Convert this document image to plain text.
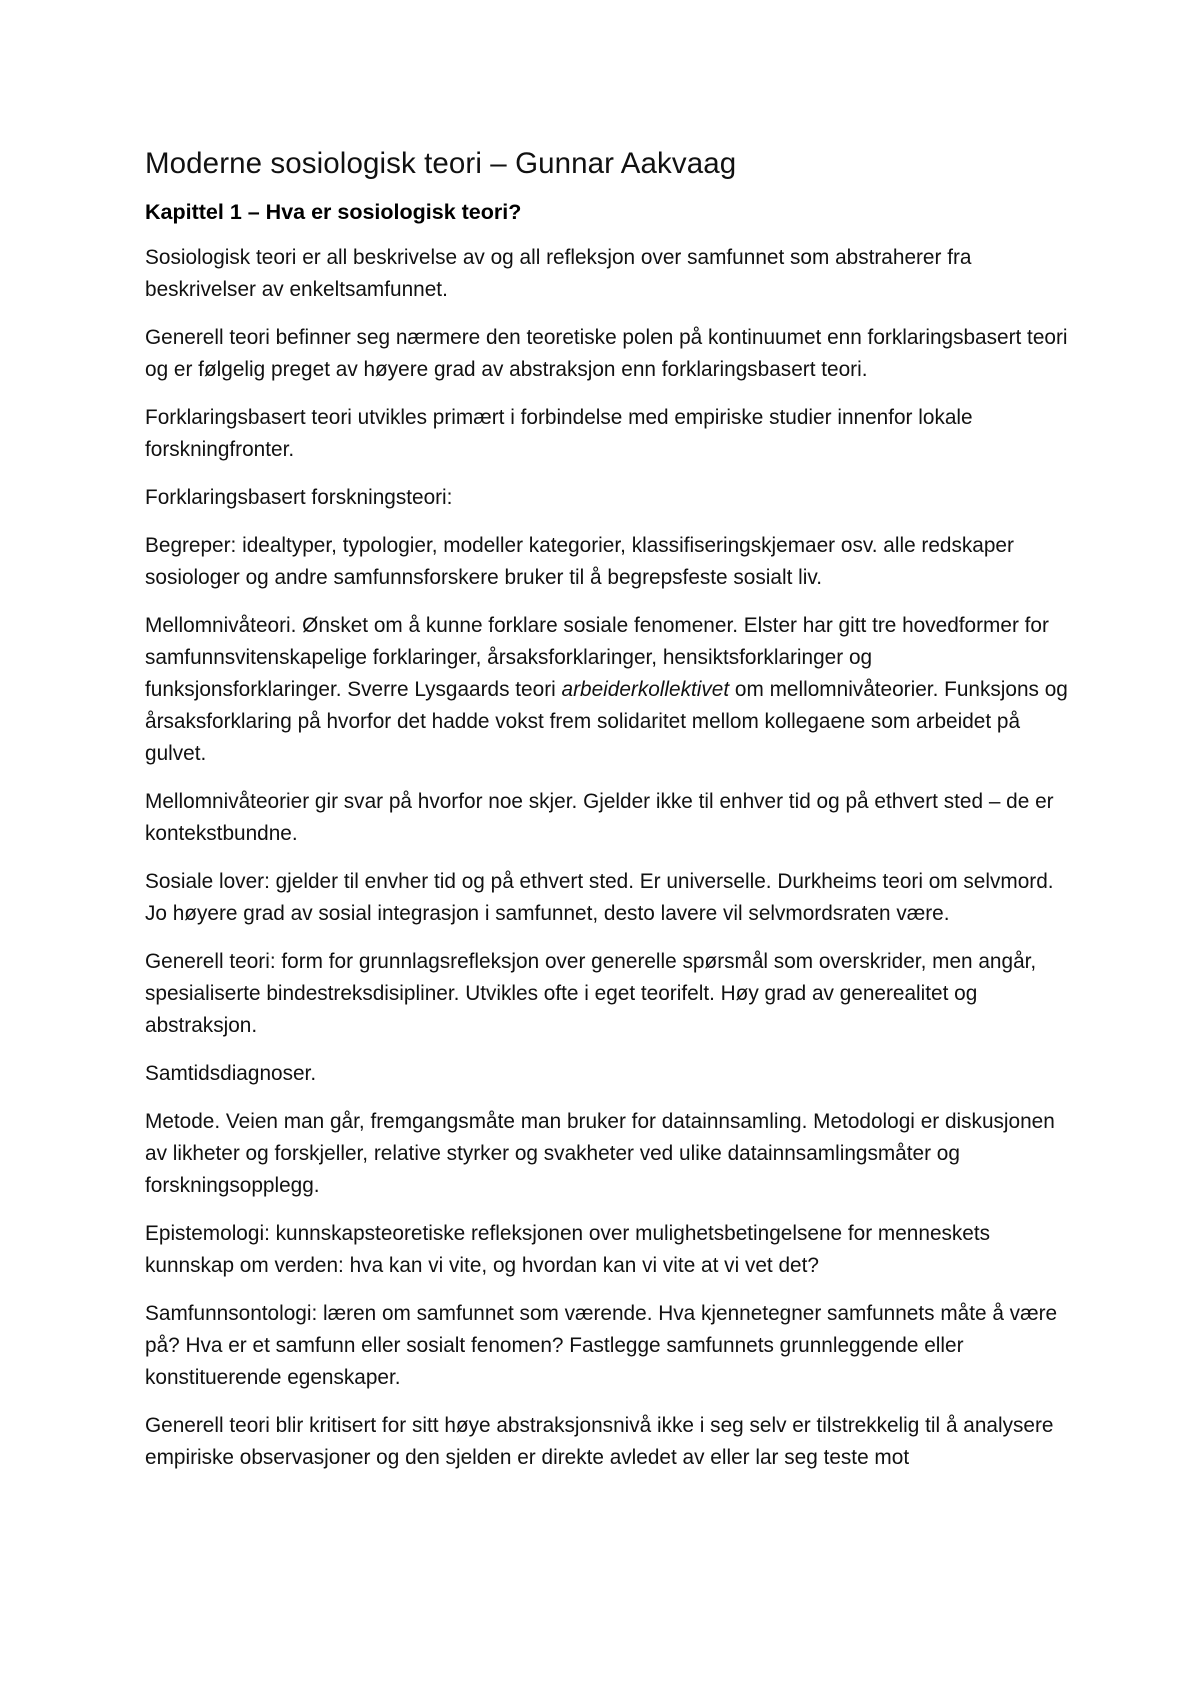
Moderne sosiologisk teori – Gunnar Aakvaag
Kapittel 1 – Hva er sosiologisk teori?

Sosiologisk teori er all beskrivelse av og all refleksjon over samfunnet som abstraherer fra beskrivelser av enkeltsamfunnet.

Generell teori befinner seg nærmere den teoretiske polen på kontinuumet enn forklaringsbasert teori og er følgelig preget av høyere grad av abstraksjon enn forklaringsbasert teori.

Forklaringsbasert teori utvikles primært i forbindelse med empiriske studier innenfor lokale forskningfronter.

Forklaringsbasert forskningsteori:

Begreper: idealtyper, typologier, modeller kategorier, klassifiseringskjemaer osv. alle redskaper sosiologer og andre samfunnsforskere bruker til å begrepsfeste sosialt liv.

Mellomnivåteori. Ønsket om å kunne forklare sosiale fenomener. Elster har gitt tre hovedformer for samfunnsvitenskapelige forklaringer, årsaksforklaringer, hensiktsforklaringer og funksjonsforklaringer. Sverre Lysgaards teori arbeiderkollektivet om mellomnivåteorier. Funksjons og årsaksforklaring på hvorfor det hadde vokst frem solidaritet mellom kollegaene som arbeidet på gulvet.

Mellomnivåteorier gir svar på hvorfor noe skjer. Gjelder ikke til enhver tid og på ethvert sted – de er kontekstbundne.

Sosiale lover: gjelder til envher tid og på ethvert sted. Er universelle. Durkheims teori om selvmord. Jo høyere grad av sosial integrasjon i samfunnet, desto lavere vil selvmordsraten være.

Generell teori: form for grunnlagsrefleksjon over generelle spørsmål som overskrider, men angår, spesialiserte bindestreksdisipliner. Utvikles ofte i eget teorifelt. Høy grad av generealitet og abstraksjon.

Samtidsdiagnoser.

Metode. Veien man går, fremgangsmåte man bruker for datainnsamling. Metodologi er diskusjonen av likheter og forskjeller, relative styrker og svakheter ved ulike datainnsamlingsmåter og forskningsopplegg.

Epistemologi: kunnskapsteoretiske refleksjonen over mulighetsbetingelsene for menneskets kunnskap om verden: hva kan vi vite, og hvordan kan vi vite at vi vet det?

Samfunnsontologi: læren om samfunnet som værende. Hva kjennetegner samfunnets måte å være på? Hva er et samfunn eller sosialt fenomen? Fastlegge samfunnets grunnleggende eller konstituerende egenskaper.

Generell teori blir kritisert for sitt høye abstraksjonsnivå ikke i seg selv er tilstrekkelig til å analysere empiriske observasjoner og den sjelden er direkte avledet av eller lar seg teste mot
